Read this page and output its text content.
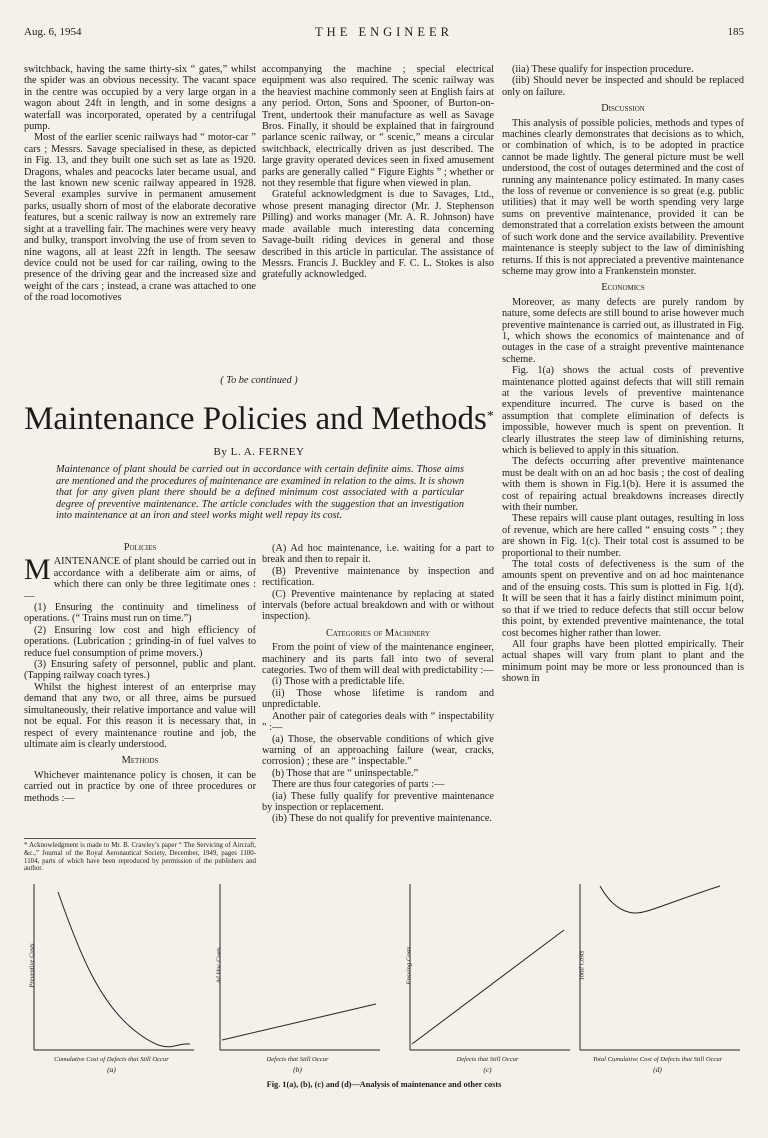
Aug. 6, 1954	THE ENGINEER	185

switchback, having the same thirty-six “ gates,” whilst the spider was an obvious necessity. The vacant space in the centre was occupied by a very large organ in a wagon about 24ft in length, and in some designs a waterfall was incorporated, operated by a centrifugal pump.

Most of the earlier scenic railways had “ motor-car ” cars ; Messrs. Savage specialised in these, as depicted in Fig. 13, and they built one such set as late as 1920. Dragons, whales and peacocks later became usual, and the last known new scenic railway appeared in 1928. Several examples survive in permanent amusement parks, usually shorn of most of the elaborate decorative features, but a scenic railway is now an extremely rare sight at a travelling fair. The machines were very heavy and bulky, transport involving the use of from seven to nine wagons, all at least 22ft in length. The seesaw device could not be used for car railing, owing to the presence of the driving gear and the increased size and weight of the cars ; instead, a crane was attached to one of the road locomotives

accompanying the machine ; special electrical equipment was also required. The scenic railway was the heaviest machine commonly seen at English fairs at any period. Orton, Sons and Spooner, of Burton-on-Trent, undertook their manufacture as well as Savage Bros. Finally, it should be explained that in fairground parlance scenic railway, or “ scenic,” means a circular switchback, electrically driven as just described. The large gravity operated devices seen in fixed amusement parks are generally called “ Figure Eights ” ; whether or not they resemble that figure when viewed in plan.

Grateful acknowledgment is due to Savages, Ltd., whose present managing director (Mr. J. Stephenson Pilling) and works manager (Mr. A. R. Johnson) have made available much interesting data concerning Savage-built riding devices in general and those described in this article in particular. The assistance of Messrs. Francis J. Buckley and F. C. L. Stokes is also gratefully acknowledged.

( To be continued )
Maintenance Policies and Methods*
By L. A. FERNEY
Maintenance of plant should be carried out in accordance with certain definite aims. Those aims are mentioned and the procedures of maintenance are examined in relation to the aims. It is shown that for any given plant there should be a defined minimum cost associated with a particular degree of preventive maintenance. The article concludes with the suggestion that an investigation into maintenance at an iron and steel works might well repay its cost.
Policies

MAINTENANCE of plant should be carried out in accordance with a deliberate aim or aims, of which there can only be three legitimate ones :—

(1) Ensuring the continuity and timeliness of operations. (“ Trains must run on time.”)

(2) Ensuring low cost and high efficiency of operations. (Lubrication ; grinding-in of fuel valves to reduce fuel consumption of prime movers.)

(3) Ensuring safety of personnel, public and plant. (Tapping railway coach tyres.)

Whilst the highest interest of an enterprise may demand that any two, or all three, aims be pursued simultaneously, their relative importance and value will not be equal. For this reason it is necessary that, in respect of every maintenance routine and job, the ultimate aim is clearly understood.

Methods

Whichever maintenance policy is chosen, it can be carried out in practice by one of three procedures or methods :—

* Acknowledgment is made to Mr. B. Crawley’s paper “ The Servicing of Aircraft, &c.,” Journal of the Royal Aeronautical Society, December, 1949, pages 1100-1104, parts of which have been reproduced by permission of the publishers and author.

(A) Ad hoc maintenance, i.e. waiting for a part to break and then to repair it.

(B) Preventive maintenance by inspection and rectification.

(C) Preventive maintenance by replacing at stated intervals (before actual breakdown and with or without inspection).

Categories of Machinery

From the point of view of the maintenance engineer, machinery and its parts fall into two of several categories. Two of them will deal with predictability :—

(i) Those with a predictable life.

(ii) Those whose lifetime is random and unpredictable.

Another pair of categories deals with “ inspectability ” :—

(a) Those, the observable conditions of which give warning of an approaching failure (wear, cracks, corrosion) ; these are “ inspectable.”

(b) Those that are “ uninspectable.”

There are thus four categories of parts :—

(ia) These fully qualify for preventive maintenance by inspection or replacement.

(ib) These do not qualify for preventive maintenance.

(iia) These qualify for inspection procedure.

(iib) Should never be inspected and should be replaced only on failure.

Discussion

This analysis of possible policies, methods and types of machines clearly demonstrates that decisions as to which, or combination of which, is to be adopted in practice cannot be made lightly. The general picture must be well understood, the cost of outages determined and the cost of running any maintenance policy estimated. In many cases the loss of revenue or convenience is so great (e.g. public utilities) that it may well be worth spending very large sums on preventive maintenance, provided it can be demonstrated that a correlation exists between the amount of such work done and the service availability. Preventive maintenance is steeply subject to the law of diminishing returns. If this is not appreciated a preventive maintenance scheme may grow into a Frankenstein monster.

Economics

Moreover, as many defects are purely random by nature, some defects are still bound to arise however much preventive maintenance is carried out, as illustrated in Fig. 1, which shows the economics of maintenance and of outages in the case of a straight preventive maintenance scheme.

Fig. 1(a) shows the actual costs of preventive maintenance plotted against defects that will still remain at the various levels of preventive maintenance expenditure incurred. The curve is based on the assumption that complete elimination of defects is impossible, however much is spent on prevention. It clearly illustrates the steep law of diminishing returns, which is believed to apply in this situation.

The defects occurring after preventive maintenance must be dealt with on an ad hoc basis ; the cost of dealing with them is shown in Fig.1(b). Here it is assumed the cost of repairing actual breakdowns increases directly with their number.

These repairs will cause plant outages, resulting in loss of revenue, which are here called “ ensuing costs ” ; they are shown in Fig. 1(c). Their total cost is assumed to be proportional to their number.

The total costs of defectiveness is the sum of the amounts spent on preventive and on ad hoc maintenance and of the ensuing costs. This sum is plotted in Fig. 1(d). It will be seen that it has a fairly distinct minimum point, so that if we tried to reduce defects that still occur below this point, by extended preventive maintenance, the total cost becomes higher rather than lower.

All four graphs have been plotted empirically. Their actual shapes will vary from plant to plant and the minimum point may be more or less pronounced than is shown in

Preventive Costs
Cumulative Cost of Defects that Still Occur
(a)
Ad Hoc Costs
Defects that Still Occur
(b)
Ensuing Costs
Defects that Still Occur
(c)
Total Costs
Total Cumulative Cost of Defects that Still Occur
(d)
Fig. 1(a), (b), (c) and (d)—Analysis of maintenance and other costs
